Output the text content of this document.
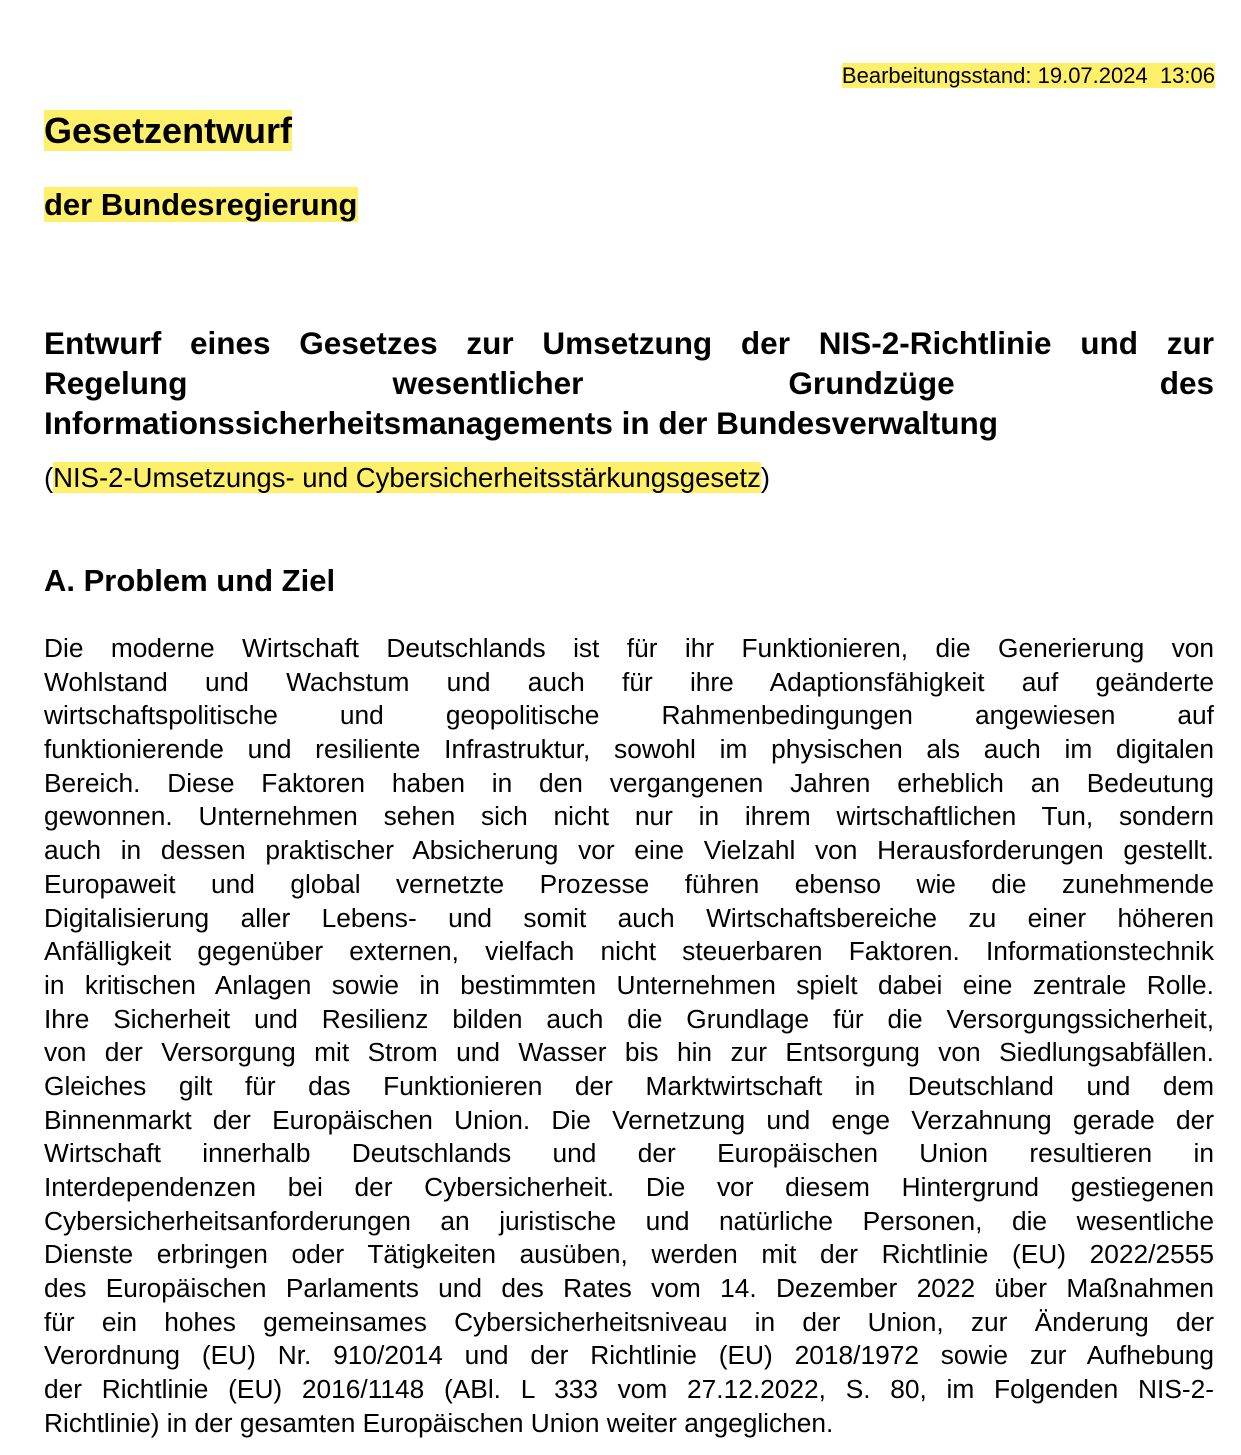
Bearbeitungsstand: 19.07.2024  13:06

Gesetzentwurf
der Bundesregierung
Entwurf eines Gesetzes zur Umsetzung der NIS-2-Richtlinie und zur
Regelung wesentlicher Grundzüge des
Informationssicherheitsmanagements in der Bundesverwaltung
(NIS-2-Umsetzungs- und Cybersicherheitsstärkungsgesetz)
A. Problem und Ziel
Die moderne Wirtschaft Deutschlands ist für ihr Funktionieren, die Generierung von
Wohlstand und Wachstum und auch für ihre Adaptionsfähigkeit auf geänderte
wirtschaftspolitische und geopolitische Rahmenbedingungen angewiesen auf
funktionierende und resiliente Infrastruktur, sowohl im physischen als auch im digitalen
Bereich. Diese Faktoren haben in den vergangenen Jahren erheblich an Bedeutung
gewonnen. Unternehmen sehen sich nicht nur in ihrem wirtschaftlichen Tun, sondern
auch in dessen praktischer Absicherung vor eine Vielzahl von Herausforderungen gestellt.
Europaweit und global vernetzte Prozesse führen ebenso wie die zunehmende
Digitalisierung aller Lebens- und somit auch Wirtschaftsbereiche zu einer höheren
Anfälligkeit gegenüber externen, vielfach nicht steuerbaren Faktoren. Informationstechnik
in kritischen Anlagen sowie in bestimmten Unternehmen spielt dabei eine zentrale Rolle.
Ihre Sicherheit und Resilienz bilden auch die Grundlage für die Versorgungssicherheit,
von der Versorgung mit Strom und Wasser bis hin zur Entsorgung von Siedlungsabfällen.
Gleiches gilt für das Funktionieren der Marktwirtschaft in Deutschland und dem
Binnenmarkt der Europäischen Union. Die Vernetzung und enge Verzahnung gerade der
Wirtschaft innerhalb Deutschlands und der Europäischen Union resultieren in
Interdependenzen bei der Cybersicherheit. Die vor diesem Hintergrund gestiegenen
Cybersicherheitsanforderungen an juristische und natürliche Personen, die wesentliche
Dienste erbringen oder Tätigkeiten ausüben, werden mit der Richtlinie (EU) 2022/2555
des Europäischen Parlaments und des Rates vom 14. Dezember 2022 über Maßnahmen
für ein hohes gemeinsames Cybersicherheitsniveau in der Union, zur Änderung der
Verordnung (EU) Nr. 910/2014 und der Richtlinie (EU) 2018/1972 sowie zur Aufhebung
der Richtlinie (EU) 2016/1148 (ABl. L 333 vom 27.12.2022, S. 80, im Folgenden NIS-2-
Richtlinie) in der gesamten Europäischen Union weiter angeglichen.
